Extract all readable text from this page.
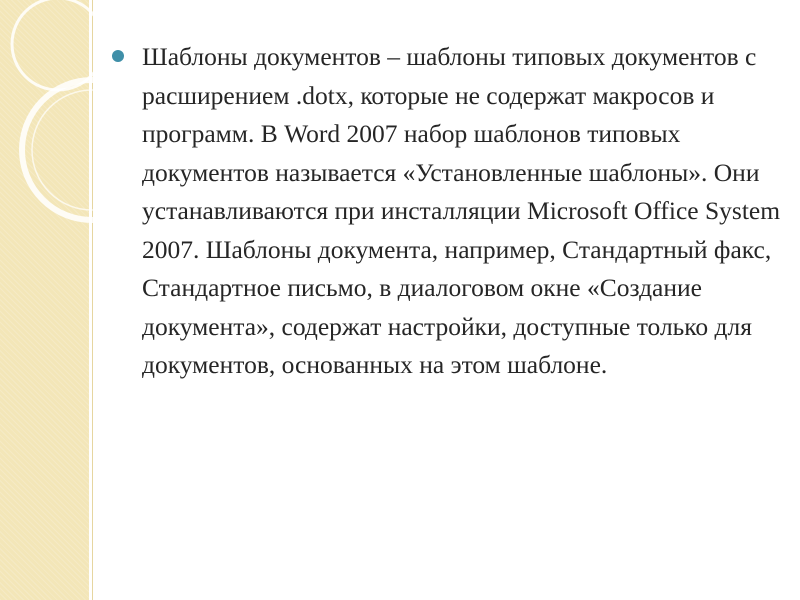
Шаблоны документов – шаблоны типовых документов с расширением .dotx, которые не содержат макросов и программ. В Word 2007 набор шаблонов типовых документов называется «Установленные шаблоны». Они устанавливаются при инсталляции Microsoft Office System 2007. Шаблоны документа, например, Стандартный факс, Стандартное письмо, в диалоговом окне «Создание документа», содержат настройки, доступные только для документов, основанных на этом шаблоне.
